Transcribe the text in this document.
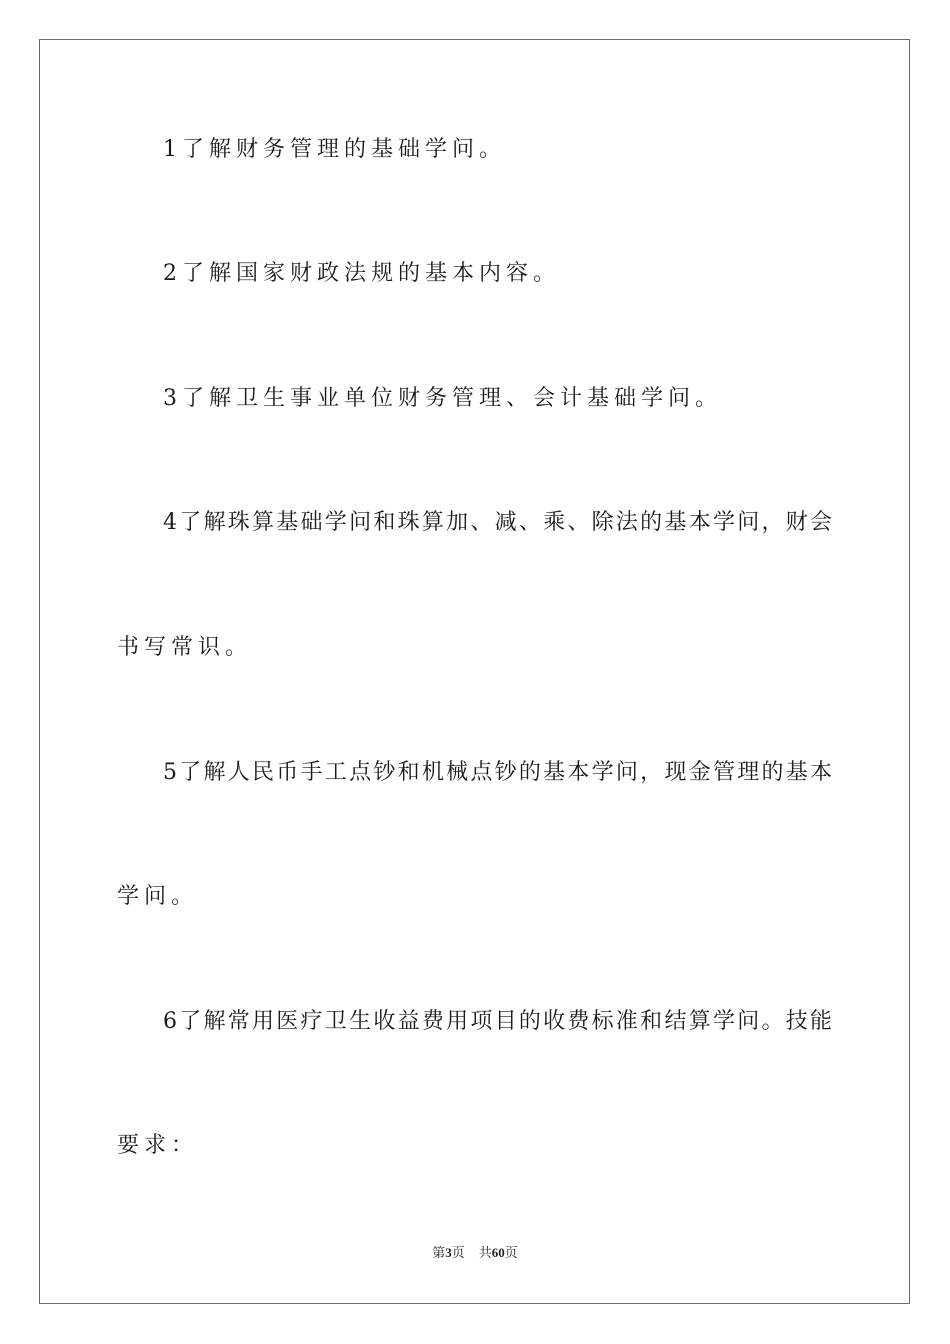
1了解财务管理的基础学问。
2了解国家财政法规的基本内容。
3了解卫生事业单位财务管理、会计基础学问。
4了解珠算基础学问和珠算加、减、乘、除法的基本学问，财会
书写常识。
5了解人民币手工点钞和机械点钞的基本学问，现金管理的基本
学问。
6了解常用医疗卫生收益费用项目的收费标准和结算学问。技能
要求：
第3页 共60页
